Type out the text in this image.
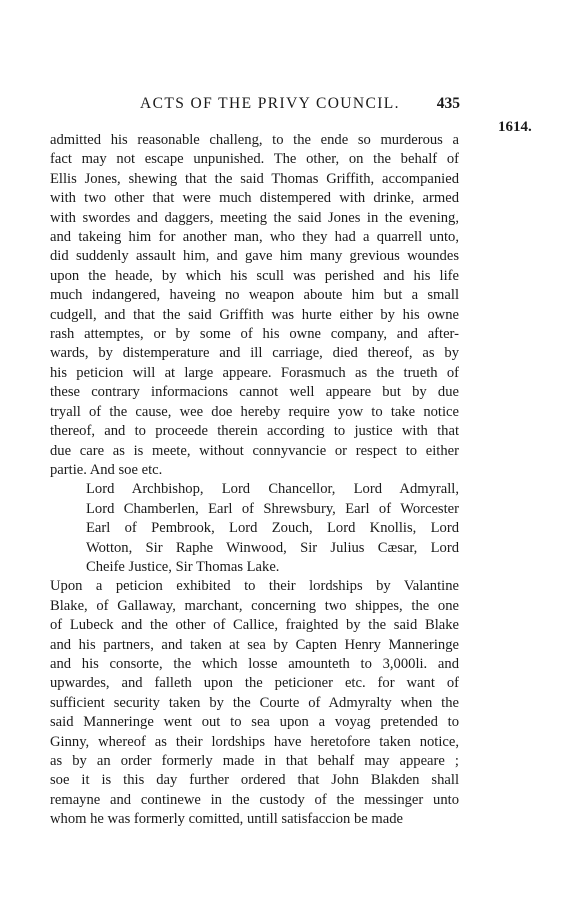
ACTS OF THE PRIVY COUNCIL.	435
1614.
admitted his reasonable challeng, to the ende so murderous a
fact may not escape unpunished. The other, on the behalf of
Ellis Jones, shewing that the said Thomas Griffith, accompanied
with two other that were much distempered with drinke, armed
with swordes and daggers, meeting the said Jones in the evening,
and takeing him for another man, who they had a quarrell unto,
did suddenly assault him, and gave him many grevious woundes
upon the heade, by which his scull was perished and his life
much indangered, haveing no weapon aboute him but a small
cudgell, and that the said Griffith was hurte either by his owne
rash attemptes, or by some of his owne company, and after-
wards, by distemperature and ill carriage, died thereof, as by
his peticion will at large appeare. Forasmuch as the trueth of
these contrary informacions cannot well appeare but by due
tryall of the cause, wee doe hereby require yow to take notice
thereof, and to proceede therein according to justice with that
due care as is meete, without connyvancie or respect to either
partie. And soe etc.
Lord Archbishop, Lord Chancellor, Lord Admyrall,
Lord Chamberlen, Earl of Shrewsbury, Earl of Worcester
Earl of Pembrook, Lord Zouch, Lord Knollis, Lord
Wotton, Sir Raphe Winwood, Sir Julius Cæsar, Lord
Cheife Justice, Sir Thomas Lake.
Upon a peticion exhibited to their lordships by Valantine
Blake, of Gallaway, marchant, concerning two shippes, the one
of Lubeck and the other of Callice, fraighted by the said Blake
and his partners, and taken at sea by Capten Henry Manneringe
and his consorte, the which losse amounteth to 3,000li. and
upwardes, and falleth upon the peticioner etc. for want of
sufficient security taken by the Courte of Admyralty when the
said Manneringe went out to sea upon a voyag pretended to
Ginny, whereof as their lordships have heretofore taken notice,
as by an order formerly made in that behalf may appeare ;
soe it is this day further ordered that John Blakden shall
remayne and continewe in the custody of the messinger unto
whom he was formerly comitted, untill satisfaccion be made
